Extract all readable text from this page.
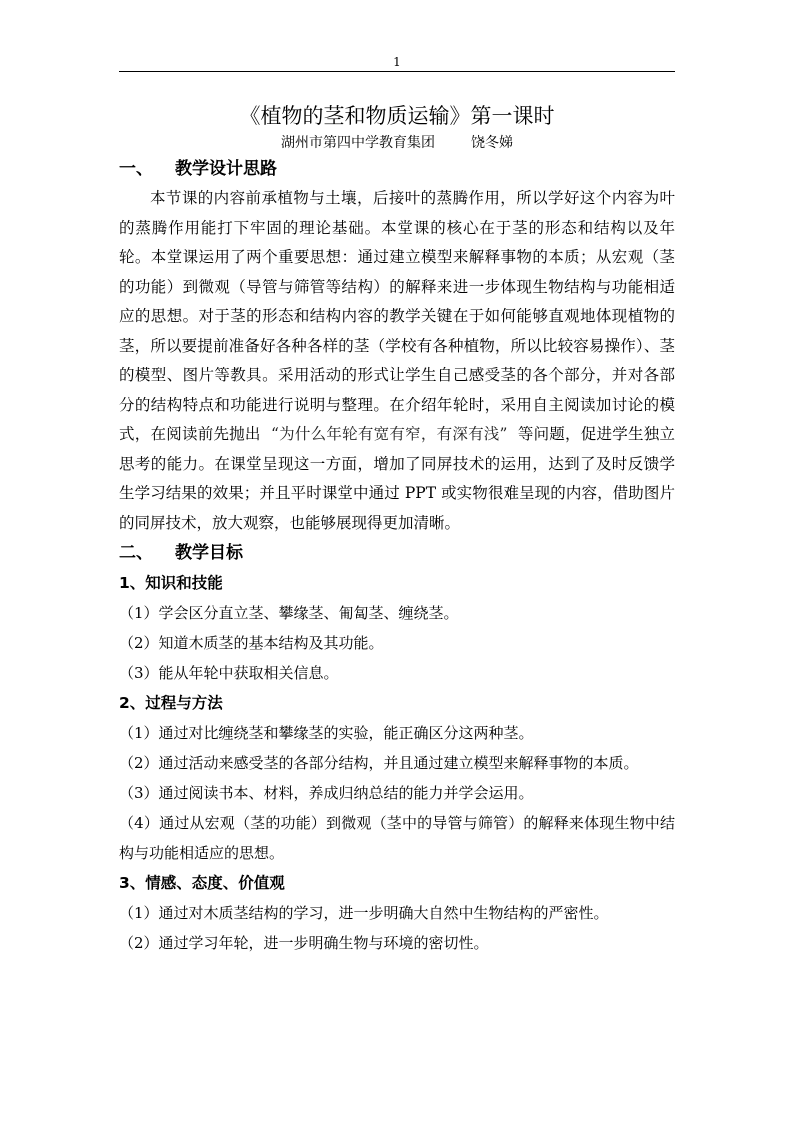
1
《植物的茎和物质运输》第一课时

湖州市第四中学教育集团	饶冬娣

一、 教学设计思路

本节课的内容前承植物与土壤，后接叶的蒸腾作用，所以学好这个内容为叶的蒸腾作用能打下牢固的理论基础。本堂课的核心在于茎的形态和结构以及年轮。本堂课运用了两个重要思想：通过建立模型来解释事物的本质；从宏观（茎的功能）到微观（导管与筛管等结构）的解释来进一步体现生物结构与功能相适应的思想。对于茎的形态和结构内容的教学关键在于如何能够直观地体现植物的茎，所以要提前准备好各种各样的茎（学校有各种植物，所以比较容易操作）、茎的模型、图片等教具。采用活动的形式让学生自己感受茎的各个部分，并对各部分的结构特点和功能进行说明与整理。在介绍年轮时，采用自主阅读加讨论的模式，在阅读前先抛出 “为什么年轮有宽有窄，有深有浅” 等问题，促进学生独立思考的能力。在课堂呈现这一方面，增加了同屏技术的运用，达到了及时反馈学生学习结果的效果；并且平时课堂中通过 PPT 或实物很难呈现的内容，借助图片的同屏技术，放大观察，也能够展现得更加清晰。

二、 教学目标

1、知识和技能

（1）学会区分直立茎、攀缘茎、匍匐茎、缠绕茎。

（2）知道木质茎的基本结构及其功能。

（3）能从年轮中获取相关信息。

2、过程与方法

（1）通过对比缠绕茎和攀缘茎的实验，能正确区分这两种茎。

（2）通过活动来感受茎的各部分结构，并且通过建立模型来解释事物的本质。

（3）通过阅读书本、材料，养成归纳总结的能力并学会运用。

（4）通过从宏观（茎的功能）到微观（茎中的导管与筛管）的解释来体现生物中结构与功能相适应的思想。

3、情感、态度、价值观

（1）通过对木质茎结构的学习，进一步明确大自然中生物结构的严密性。

（2）通过学习年轮，进一步明确生物与环境的密切性。
